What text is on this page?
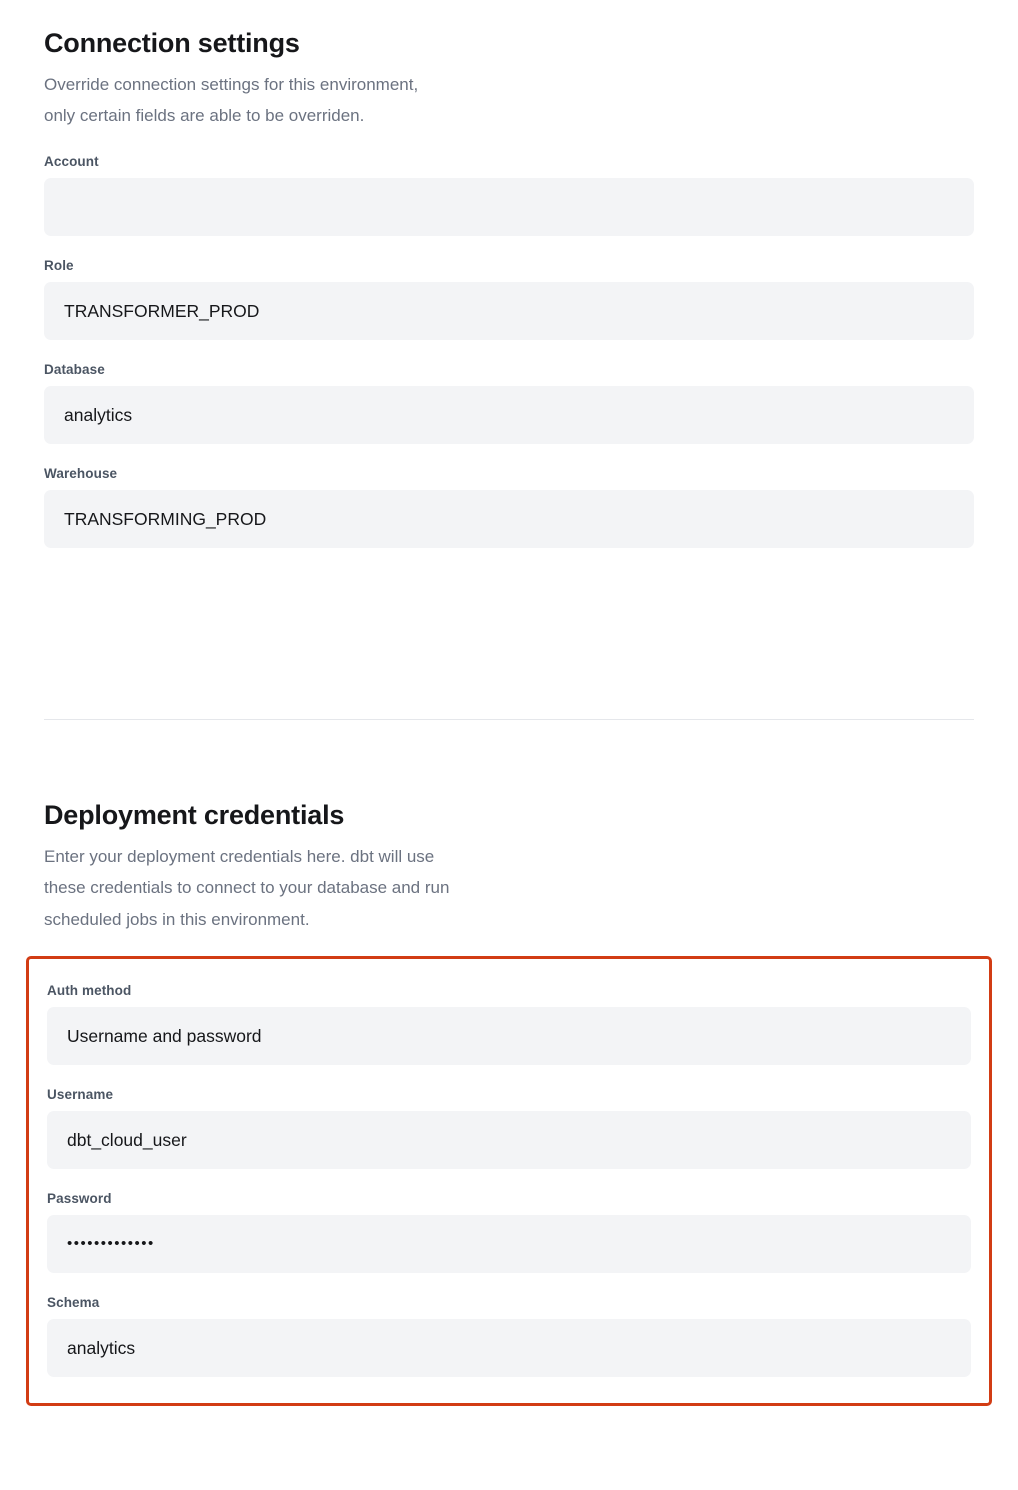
Connection settings

Override connection settings for this environment,
only certain fields are able to be overriden.

Account
Role
TRANSFORMER_PROD
Database
analytics
Warehouse
TRANSFORMING_PROD
Deployment credentials

Enter your deployment credentials here. dbt will use
these credentials to connect to your database and run
scheduled jobs in this environment.

Auth method
Username and password
Username
dbt_cloud_user
Password
•••••••••••••
Schema
analytics
